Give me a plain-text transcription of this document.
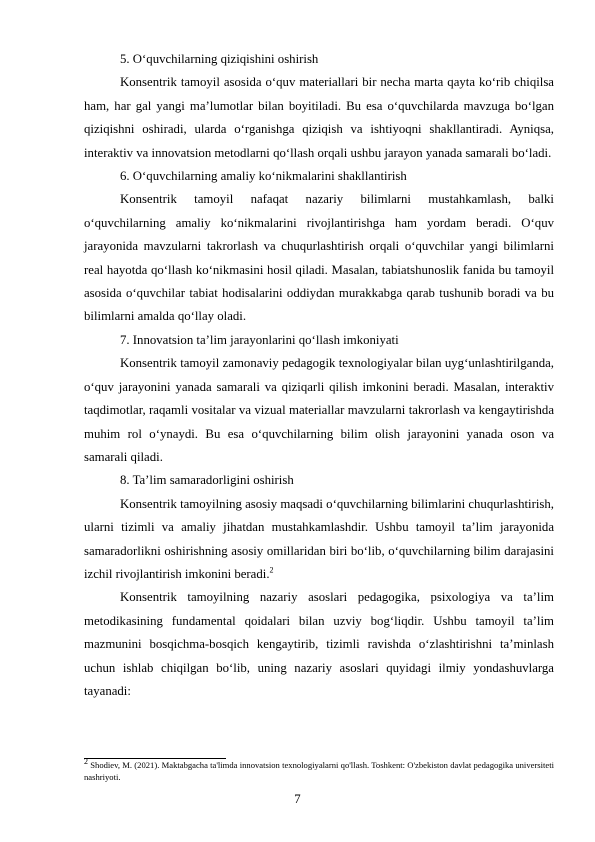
5. O‘quvchilarning qiziqishini oshirish

Konsentrik tamoyil asosida o‘quv materiallari bir necha marta qayta ko‘rib chiqilsa ham, har gal yangi ma’lumotlar bilan boyitiladi. Bu esa o‘quvchilarda mavzuga bo‘lgan qiziqishni oshiradi, ularda o‘rganishga qiziqish va ishtiyoqni shakllantiradi. Ayniqsa, interaktiv va innovatsion metodlarni qo‘llash orqali ushbu jarayon yanada samarali bo‘ladi.

6. O‘quvchilarning amaliy ko‘nikmalarini shakllantirish

Konsentrik tamoyil nafaqat nazariy bilimlarni mustahkamlash, balki o‘quvchilarning amaliy ko‘nikmalarini rivojlantirishga ham yordam beradi. O‘quv jarayonida mavzularni takrorlash va chuqurlashtirish orqali o‘quvchilar yangi bilimlarni real hayotda qo‘llash ko‘nikmasini hosil qiladi. Masalan, tabiatshunoslik fanida bu tamoyil asosida o‘quvchilar tabiat hodisalarini oddiydan murakkabga qarab tushunib boradi va bu bilimlarni amalda qo‘llay oladi.

7. Innovatsion ta’lim jarayonlarini qo‘llash imkoniyati

Konsentrik tamoyil zamonaviy pedagogik texnologiyalar bilan uyg‘unlashtirilganda, o‘quv jarayonini yanada samarali va qiziqarli qilish imkonini beradi. Masalan, interaktiv taqdimotlar, raqamli vositalar va vizual materiallar mavzularni takrorlash va kengaytirishda muhim rol o‘ynaydi. Bu esa o‘quvchilarning bilim olish jarayonini yanada oson va samarali qiladi.

8. Ta’lim samaradorligini oshirish

Konsentrik tamoyilning asosiy maqsadi o‘quvchilarning bilimlarini chuqurlashtirish, ularni tizimli va amaliy jihatdan mustahkamlashdir. Ushbu tamoyil ta’lim jarayonida samaradorlikni oshirishning asosiy omillaridan biri bo‘lib, o‘quvchilarning bilim darajasini izchil rivojlantirish imkonini beradi.$^2$

Konsentrik tamoyilning nazariy asoslari pedagogika, psixologiya va ta’lim metodikasining fundamental qoidalari bilan uzviy bog‘liqdir. Ushbu tamoyil ta’lim mazmunini bosqichma-bosqich kengaytirib, tizimli ravishda o‘zlashtirishni ta’minlash uchun ishlab chiqilgan bo‘lib, uning nazariy asoslari quyidagi ilmiy yondashuvlarga tayanadi:

$^2$ Shodiev, M. (2021). Maktabgacha ta'limda innovatsion texnologiyalarni qo'llash. Toshkent: O'zbekiston davlat pedagogika universiteti nashriyoti.

7
